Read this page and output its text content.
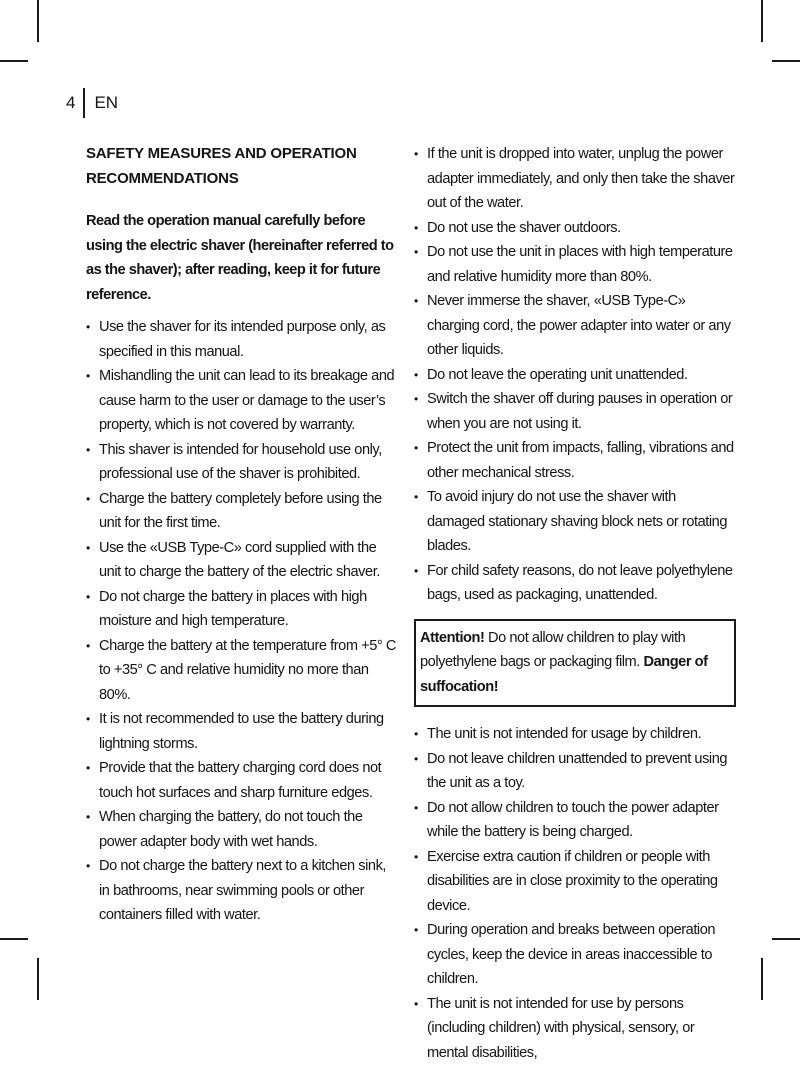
4 EN
SAFETY MEASURES AND OPERATION RECOMMENDATIONS

Read the operation manual carefully before using the electric shaver (hereinafter referred to as the shaver); after reading, keep it for future reference.

• Use the shaver for its intended purpose only, as specified in this manual.
• Mishandling the unit can lead to its breakage and cause harm to the user or damage to the user’s property, which is not covered by warranty.
• This shaver is intended for household use only, professional use of the shaver is prohibited.
• Charge the battery completely before using the unit for the first time.
• Use the «USB Type-C» cord supplied with the unit to charge the battery of the electric shaver.
• Do not charge the battery in places with high moisture and high temperature.
• Charge the battery at the temperature from +5° C to +35° C and relative humidity no more than 80%.
• It is not recommended to use the battery during lightning storms.
• Provide that the battery charging cord does not touch hot surfaces and sharp furniture edges.
• When charging the battery, do not touch the power adapter body with wet hands.
• Do not charge the battery next to a kitchen sink, in bathrooms, near swimming pools or other containers filled with water.
• If the unit is dropped into water, unplug the power adapter immediately, and only then take the shaver out of the water.
• Do not use the shaver outdoors.
• Do not use the unit in places with high temperature and relative humidity more than 80%.
• Never immerse the shaver, «USB Type-C» charging cord, the power adapter into water or any other liquids.
• Do not leave the operating unit unattended.
• Switch the shaver off during pauses in operation or when you are not using it.
• Protect the unit from impacts, falling, vibrations and other mechanical stress.
• To avoid injury do not use the shaver with damaged stationary shaving block nets or rotating blades.
• For child safety reasons, do not leave polyethylene bags, used as packaging, unattended.
Attention! Do not allow children to play with polyethylene bags or packaging film. Danger of suffocation!
• The unit is not intended for usage by children.
• Do not leave children unattended to prevent using the unit as a toy.
• Do not allow children to touch the power adapter while the battery is being charged.
• Exercise extra caution if children or people with disabilities are in close proximity to the operating device.
• During operation and breaks between operation cycles, keep the device in areas inaccessible to children.
• The unit is not intended for use by persons (including children) with physical, sensory, or mental disabilities,
